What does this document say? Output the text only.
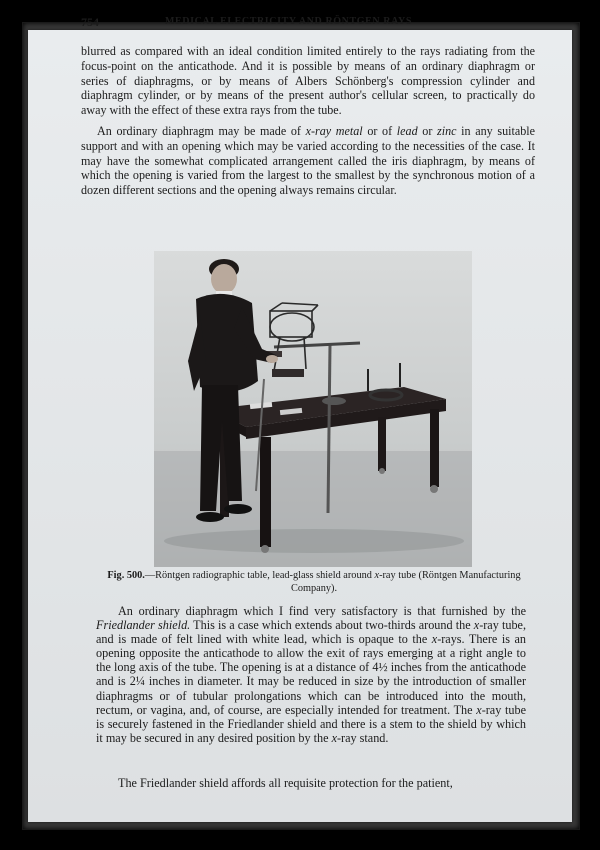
754	MEDICAL ELECTRICITY AND RÖNTGEN RAYS
blurred as compared with an ideal condition limited entirely to the rays radiating from the focus-point on the anticathode. And it is possible by means of an ordinary diaphragm or series of diaphragms, or by means of Albers Schönberg's compression cylinder and diaphragm cylinder, or by means of the present author's cellular screen, to practically do away with the effect of these extra rays from the tube.
An ordinary diaphragm may be made of x-ray metal or of lead or zinc in any suitable support and with an opening which may be varied according to the necessities of the case. It may have the somewhat complicated arrangement called the iris diaphragm, by means of which the opening is varied from the largest to the smallest by the synchronous motion of a dozen different sections and the opening always remains circular.
Fig. 500.—Röntgen radiographic table, lead-glass shield around x-ray tube (Röntgen Manufacturing Company).
An ordinary diaphragm which I find very satisfactory is that furnished by the Friedlander shield. This is a case which extends about two-thirds around the x-ray tube, and is made of felt lined with white lead, which is opaque to the x-rays. There is an opening opposite the anticathode to allow the exit of rays emerging at a right angle to the long axis of the tube. The opening is at a distance of 4½ inches from the anticathode and is 2¼ inches in diameter. It may be reduced in size by the introduction of smaller diaphragms or of tubular prolongations which can be introduced into the mouth, rectum, or vagina, and, of course, are especially intended for treatment. The x-ray tube is securely fastened in the Friedlander shield and there is a stem to the shield by which it may be secured in any desired position by the x-ray stand.
The Friedlander shield affords all requisite protection for the patient,
